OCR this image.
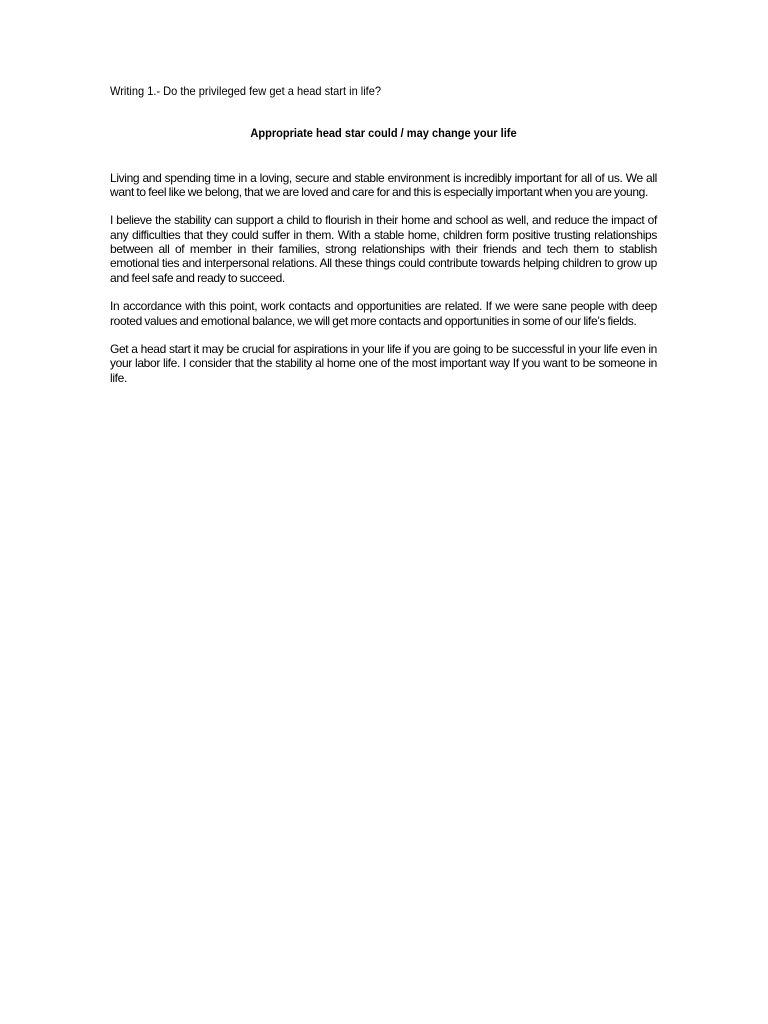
Writing 1.- Do the privileged few get a head start in life?

Appropriate head star could / may change your life

Living and spending time in a loving, secure and stable environment is incredibly important for all of us. We all want to feel like we belong, that we are loved and care for and this is especially important when you are young.

I believe the stability can support a child to flourish in their home and school as well, and reduce the impact of any difficulties that they could suffer in them. With a stable home, children form positive trusting relationships between all of member in their families, strong relationships with their friends and tech them to stablish emotional ties and interpersonal relations. All these things could contribute towards helping children to grow up and feel safe and ready to succeed.

In accordance with this point, work contacts and opportunities are related. If we were sane people with deep rooted values and emotional balance, we will get more contacts and opportunities in some of our life’s fields.

Get a head start it may be crucial for aspirations in your life if you are going to be successful in your life even in your labor life. I consider that the stability al home one of the most important way If you want to be someone in life.
